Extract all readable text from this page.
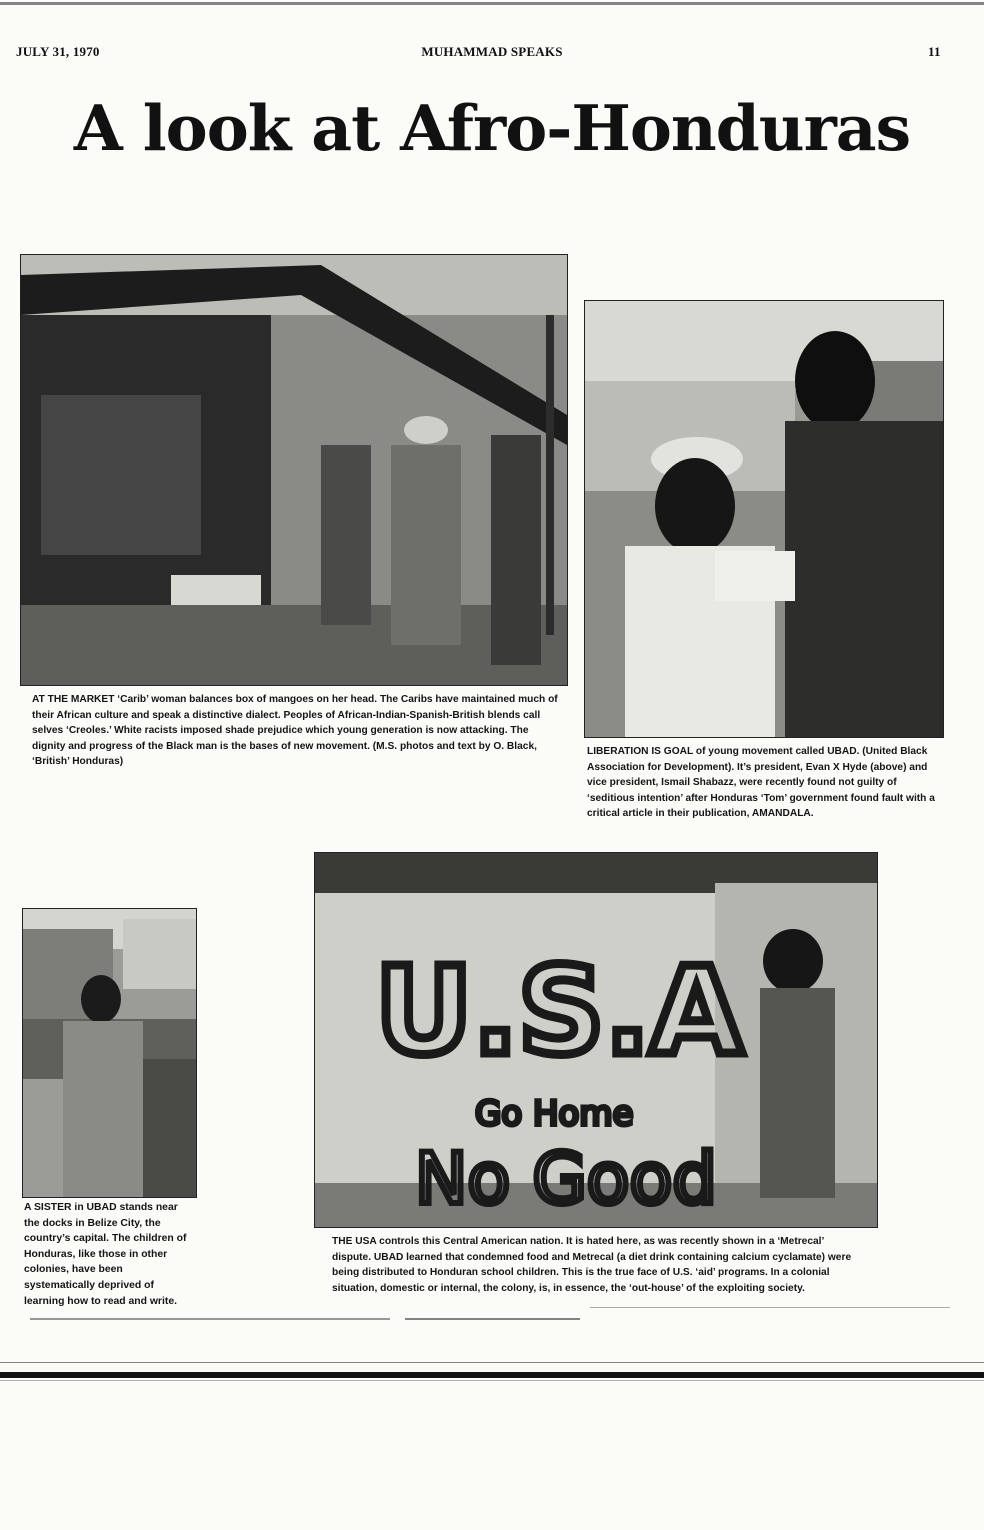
JULY 31, 1970	MUHAMMAD SPEAKS	11
A look at Afro-Honduras
AT THE MARKET ‘Carib’ woman balances box of mangoes on her head. The Caribs have maintained much of their African culture and speak a distinctive dialect. Peoples of African-Indian-Spanish-British blends call selves ‘Creoles.’ White racists imposed shade prejudice which young generation is now attacking. The dignity and progress of the Black man is the bases of new movement. (M.S. photos and text by O. Black, ‘British’ Honduras)
LIBERATION IS GOAL of young movement called UBAD. (United Black Association for Development). It’s president, Evan X Hyde (above) and vice president, Ismail Shabazz, were recently found not guilty of ‘seditious intention’ after Honduras ‘Tom’ government found fault with a critical article in their publication, AMANDALA.
A SISTER in UBAD stands near the docks in Belize City, the country’s capital. The children of Honduras, like those in other colonies, have been systematically deprived of learning how to read and write.
U.S.A
Go Home
No Good
THE USA controls this Central American nation. It is hated here, as was recently shown in a ‘Metrecal’ dispute. UBAD learned that condemned food and Metrecal (a diet drink containing calcium cyclamate) were being distributed to Honduran school children. This is the true face of U.S. ‘aid’ programs. In a colonial situation, domestic or internal, the colony, is, in essence, the ‘out-house’ of the exploiting society.
